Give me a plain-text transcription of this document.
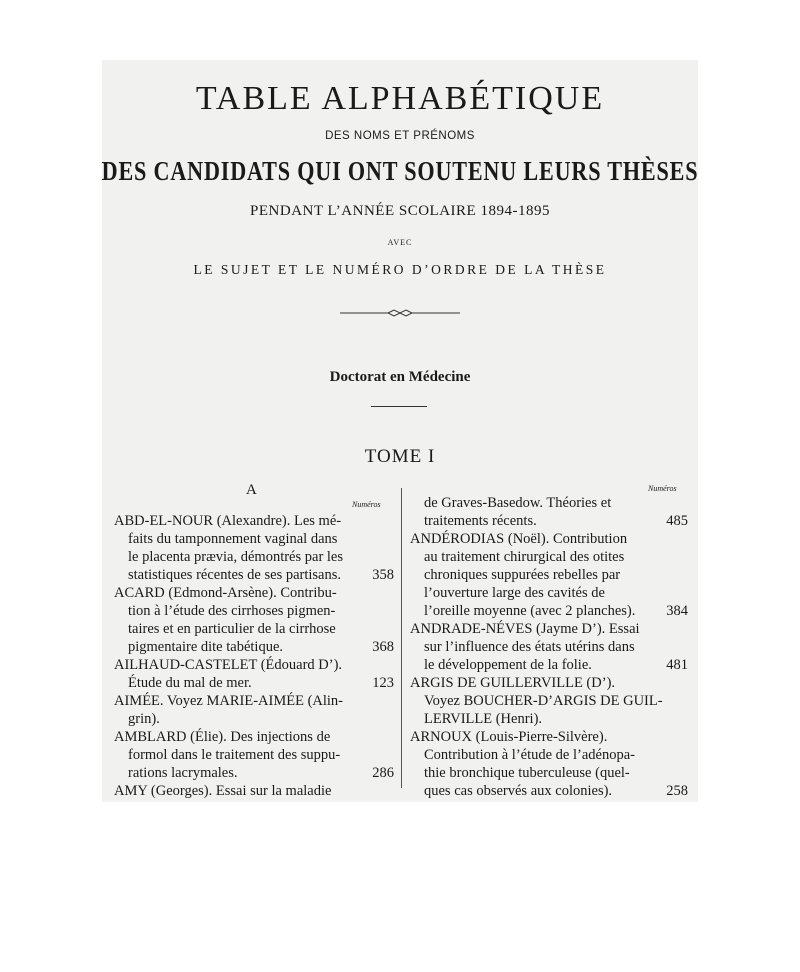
TABLE ALPHABÉTIQUE
DES NOMS ET PRÉNOMS
DES CANDIDATS QUI ONT SOUTENU LEURS THÈSES
PENDANT L’ANNÉE SCOLAIRE 1894-1895
AVEC
LE SUJET ET LE NUMÉRO D’ORDRE DE LA THÈSE
Doctorat en Médecine
TOME I
A
Numéros
Numéros
ABD-EL-NOUR (Alexandre). Les mé-
faits du tamponnement vaginal dans
le placenta prævia, démontrés par les
statistiques récentes de ses partisans. 358
ACARD (Edmond-Arsène). Contribu-
tion à l’étude des cirrhoses pigmen-
taires et en particulier de la cirrhose
pigmentaire dite tabétique.	368
AILHAUD-CASTELET (Édouard D’).
Étude du mal de mer.	123
AIMÉE. Voyez MARIE-AIMÉE (Alin-
grin).
AMBLARD (Élie). Des injections de
formol dans le traitement des suppu-
rations lacrymales.	286
AMY (Georges). Essai sur la maladie
de Graves-Basedow. Théories et
traitements récents.	485
ANDÉRODIAS (Noël). Contribution
au traitement chirurgical des otites
chroniques suppurées rebelles par
l’ouverture large des cavités de
l’oreille moyenne (avec 2 planches). 384
ANDRADE-NÉVES (Jayme D’). Essai
sur l’influence des états utérins dans
le développement de la folie.	481
ARGIS DE GUILLERVILLE (D’).
Voyez BOUCHER-D’ARGIS DE GUIL-
LERVILLE (Henri).
ARNOUX (Louis-Pierre-Silvère).
Contribution à l’étude de l’adénopa-
thie bronchique tuberculeuse (quel-
ques cas observés aux colonies).	258
